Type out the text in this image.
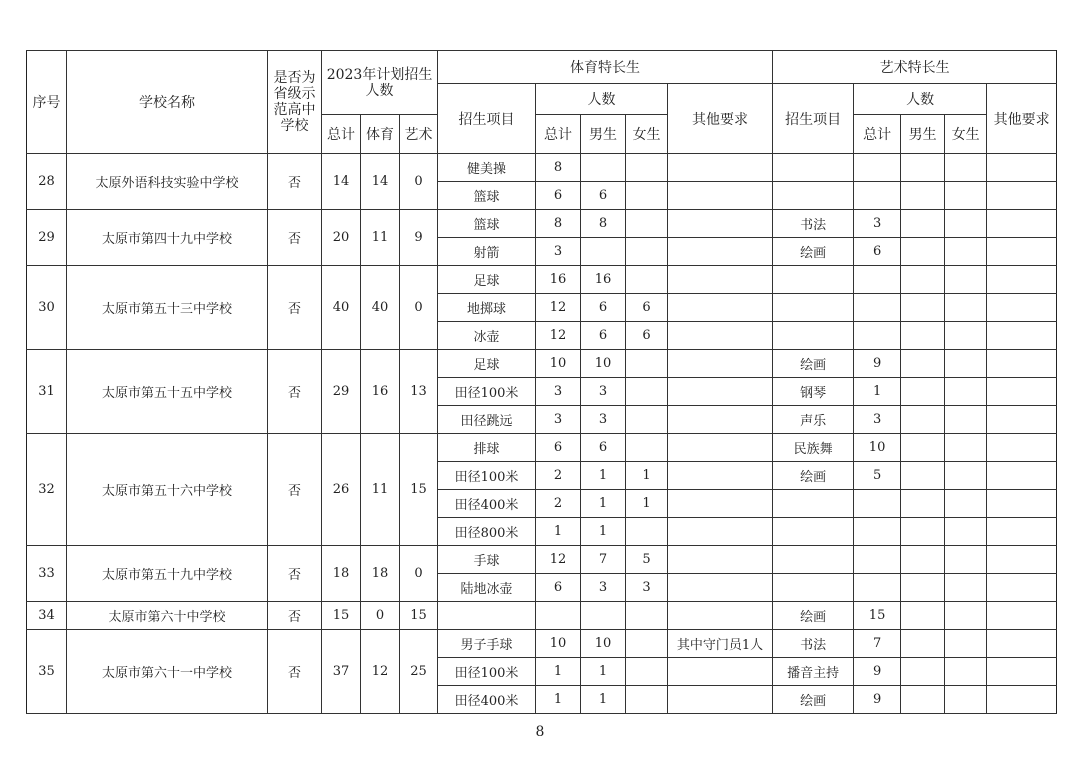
序号	学校名称	是否为省级示范高中学校	2023年计划招生人数			体育特长生					艺术特长生				
						招生项目	人数			其他要求	招生项目	人数			其他要求
			总计	体育	艺术		总计	男生	女生			总计	男生	女生	
28	太原外语科技实验中学校	否	14	14	0	健美操	8								
						篮球	6	6							
29	太原市第四十九中学校	否	20	11	9	篮球	8	8			书法	3			
						射箭	3				绘画	6			
30	太原市第五十三中学校	否	40	40	0	足球	16	16							
						地掷球	12	6	6						
						冰壶	12	6	6						
31	太原市第五十五中学校	否	29	16	13	足球	10	10			绘画	9			
						田径100米	3	3			钢琴	1			
						田径跳远	3	3			声乐	3			
32	太原市第五十六中学校	否	26	11	15	排球	6	6			民族舞	10			
						田径100米	2	1	1		绘画	5			
						田径400米	2	1	1						
						田径800米	1	1							
33	太原市第五十九中学校	否	18	18	0	手球	12	7	5						
						陆地冰壶	6	3	3						
34	太原市第六十中学校	否	15	0	15						绘画	15			
35	太原市第六十一中学校	否	37	12	25	男子手球	10	10		其中守门员1人	书法	7			
						田径100米	1	1			播音主持	9			
						田径400米	1	1			绘画	9			
8
